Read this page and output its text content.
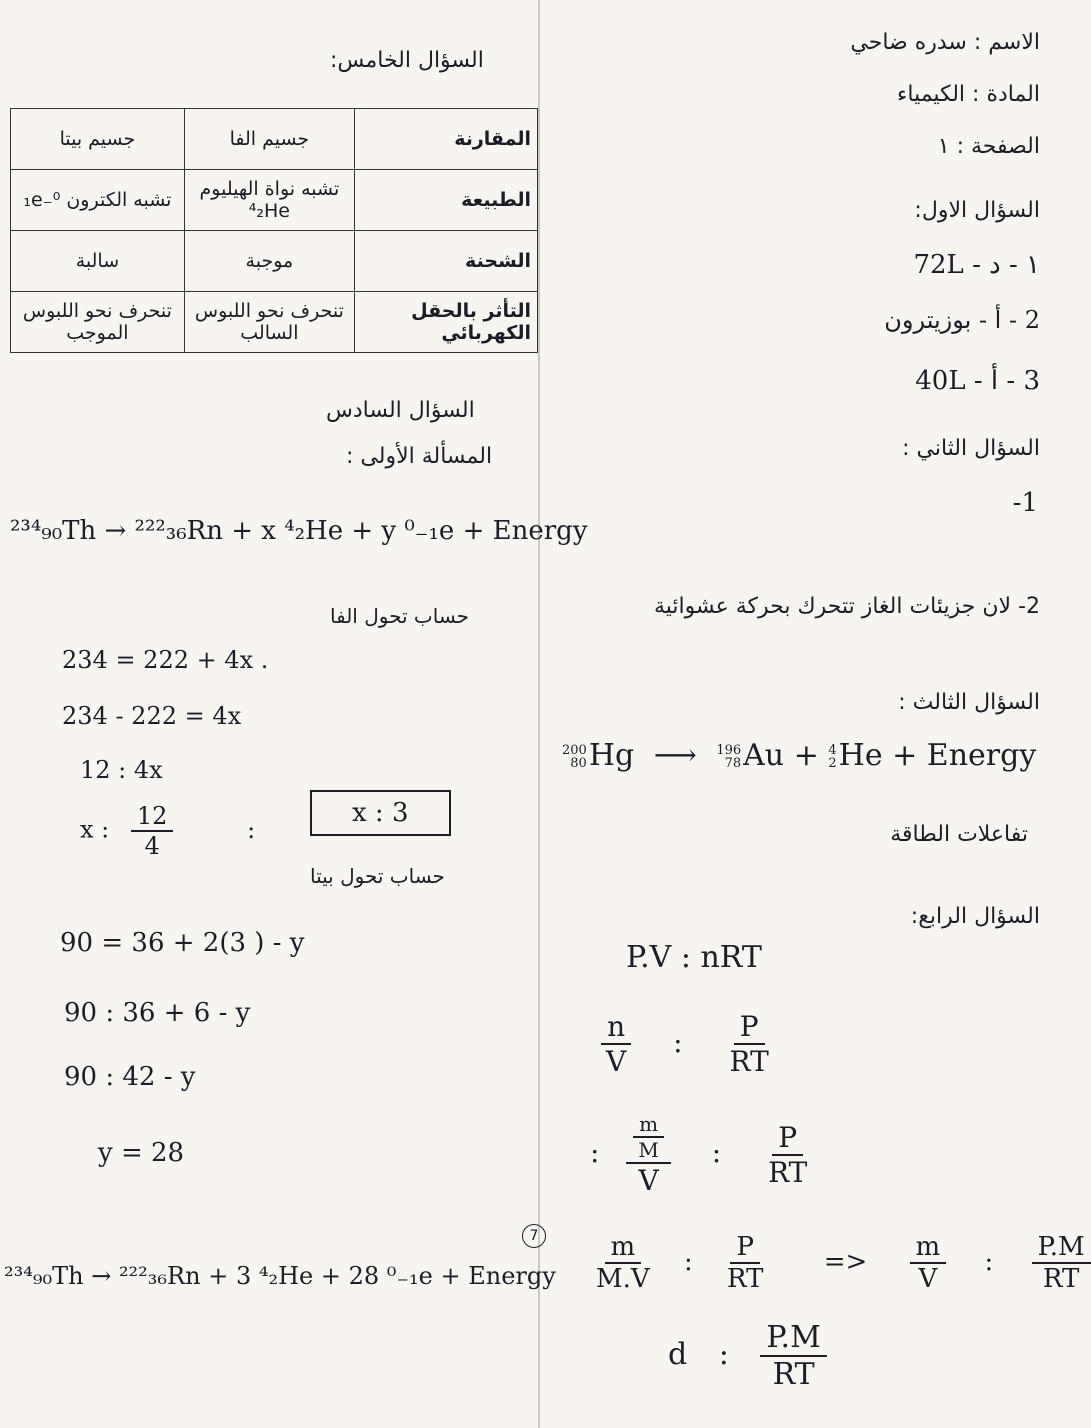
الاسم : سدره ضاحي
المادة : الكيمياء
الصفحة : ١
السؤال الاول:
١ - د - 72L
2 - أ - بوزيترون
3 - أ - 40L
السؤال الثاني :
-1
2- لان جزيئات الغاز تتحرك بحركة عشوائية
السؤال الثالث :
200
80 Hg ⟶ 196
78 Au + 4
2 He + Energy
تفاعلات الطاقة
السؤال الرابع:
P.V : nRT
$\frac{n}{V}$ : $\frac{P}{RT}$
: $\frac{\frac{m}{M}}{V}$ : $\frac{P}{RT}$
$\frac{m}{M.V}$ : $\frac{P}{RT} => \frac{m}{V}$ : $\frac{P.M}{RT}$
d : $\frac{P.M}{RT}$
السؤال الخامس:
المقارنة	جسيم الفا	جسيم بيتا
الطبيعة	تشبه نواة الهيليوم ⁴₂He	تشبه الكترون ⁰₋₁e
الشحنة	موجبة	سالبة
التأثر بالحقل الكهربائي	تنحرف نحو اللبوس السالب	تنحرف نحو اللبوس الموجب
السؤال السادس
المسألة الأولى :
²³⁴₉₀Th → ²²²₃₆Rn + x ⁴₂He + y ⁰₋₁e + Energy
حساب تحول الفا
234 = 222 + 4x .
234 - 222 = 4x
12 : 4x
x : $\frac{12}{4}$	:
x : 3
حساب تحول بيتا
90 = 36 + 2(3 ) - y
90 : 36 + 6 - y
90 : 42 - y
y = 28
7
²³⁴₉₀Th → ²²²₃₆Rn + 3 ⁴₂He + 28 ⁰₋₁e + Energy
